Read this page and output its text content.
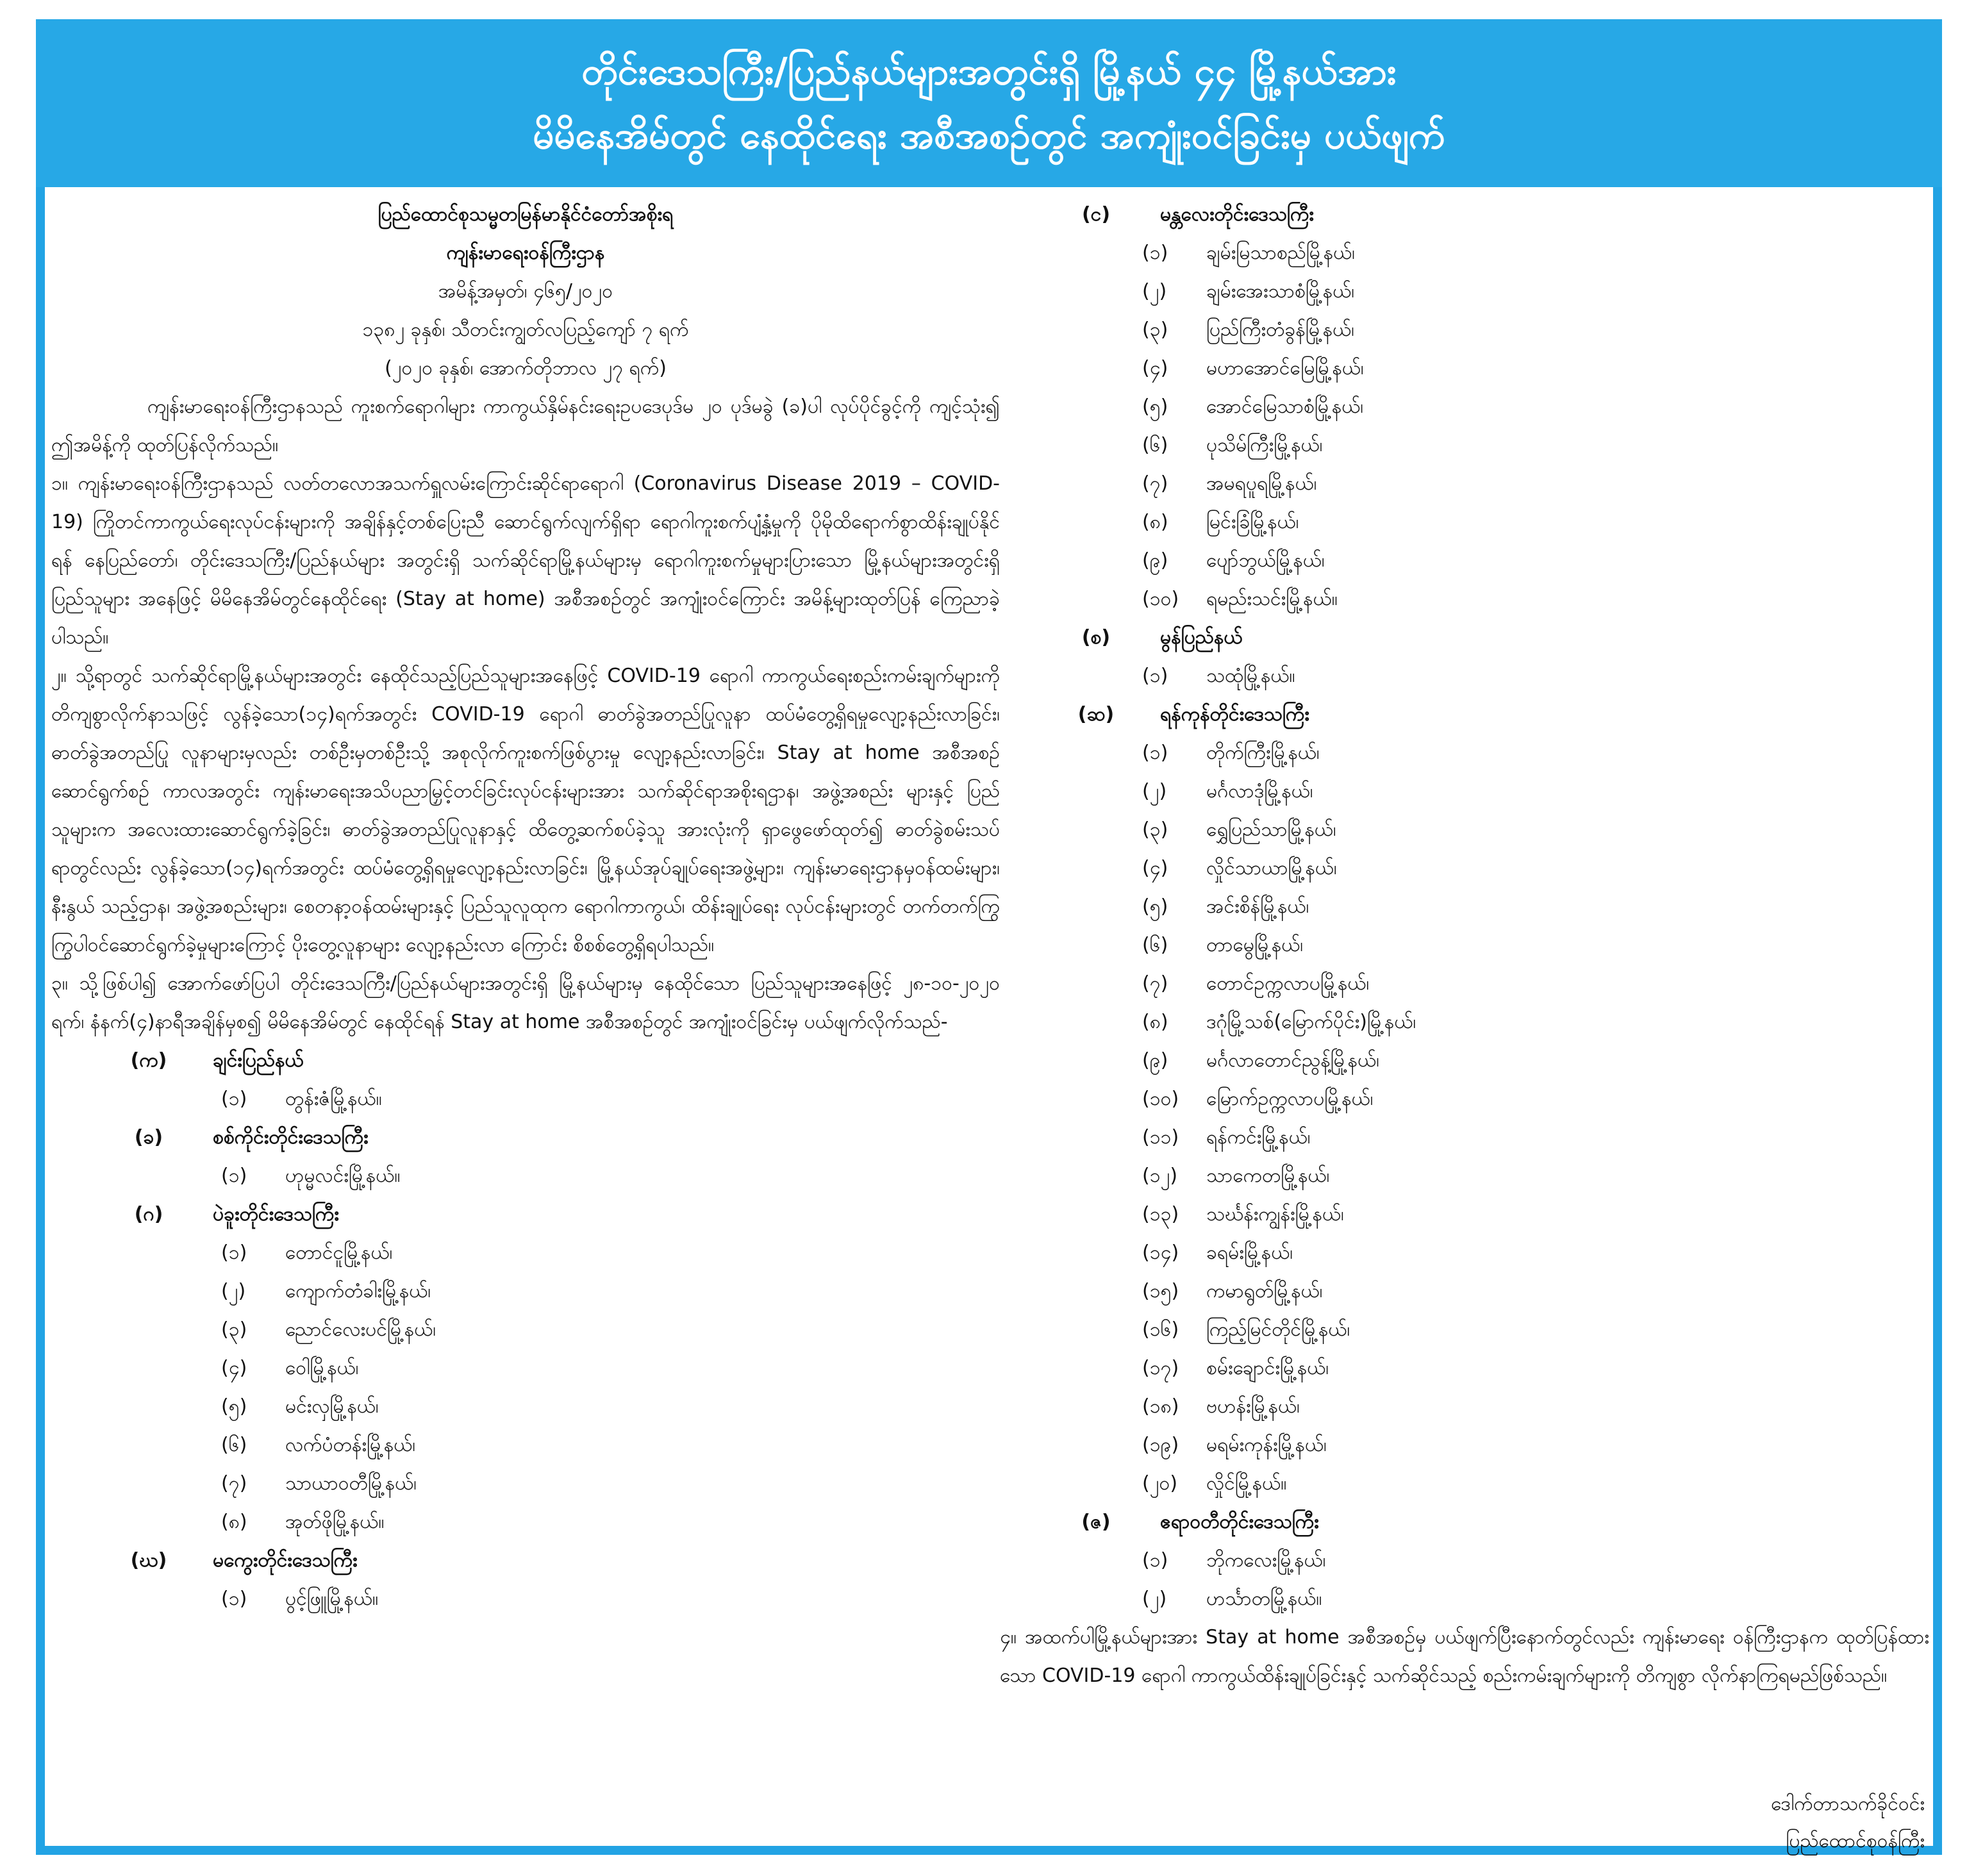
တိုင်းဒေသကြီး/ပြည်နယ်များအတွင်းရှိ မြို့နယ် ၄၄ မြို့နယ်အား
မိမိနေအိမ်တွင် နေထိုင်ရေး အစီအစဉ်တွင် အကျုံးဝင်ခြင်းမှ ပယ်ဖျက်
ပြည်ထောင်စုသမ္မတမြန်မာနိုင်ငံတော်အစိုးရ
ကျန်းမာရေးဝန်ကြီးဌာန
အမိန့်အမှတ်၊ ၄၆၅/၂၀၂၀
၁၃၈၂ ခုနှစ်၊ သီတင်းကျွတ်လပြည့်ကျော် ၇ ရက်
(၂၀၂၀ ခုနှစ်၊ အောက်တိုဘာလ ၂၇ ရက်)

ကျန်းမာရေးဝန်ကြီးဌာနသည် ကူးစက်ရောဂါများ ကာကွယ်နှိမ်နင်းရေးဥပဒေပုဒ်မ ၂၀ ပုဒ်မခွဲ (ခ)ပါ လုပ်ပိုင်ခွင့်ကို ကျင့်သုံး၍ ဤအမိန့်ကို ထုတ်ပြန်လိုက်သည်။

၁။ ကျန်းမာရေးဝန်ကြီးဌာနသည် လတ်တလောအသက်ရှူလမ်းကြောင်းဆိုင်ရာရောဂါ (Coronavirus Disease 2019 – COVID-19) ကြိုတင်ကာကွယ်ရေးလုပ်ငန်းများကို အချိန်နှင့်တစ်ပြေးညီ ဆောင်ရွက်လျက်ရှိရာ ရောဂါကူးစက်ပျံ့နှံ့မှုကို ပိုမိုထိရောက်စွာထိန်းချုပ်နိုင်ရန် နေပြည်တော်၊ တိုင်းဒေသကြီး/ပြည်နယ်များ အတွင်းရှိ သက်ဆိုင်ရာမြို့နယ်များမှ ရောဂါကူးစက်မှုများပြားသော မြို့နယ်များအတွင်းရှိ ပြည်သူများ အနေဖြင့် မိမိနေအိမ်တွင်နေထိုင်ရေး (Stay at home) အစီအစဉ်တွင် အကျုံးဝင်ကြောင်း အမိန့်များထုတ်ပြန် ကြေညာခဲ့ပါသည်။

၂။ သို့ရာတွင် သက်ဆိုင်ရာမြို့နယ်များအတွင်း နေထိုင်သည့်ပြည်သူများအနေဖြင့် COVID-19 ရောဂါ ကာကွယ်ရေးစည်းကမ်းချက်များကို တိကျစွာလိုက်နာသဖြင့် လွန်ခဲ့သော(၁၄)ရက်အတွင်း COVID-19 ရောဂါ ဓာတ်ခွဲအတည်ပြုလူနာ ထပ်မံတွေ့ရှိရမှုလျော့နည်းလာခြင်း၊ ဓာတ်ခွဲအတည်ပြု လူနာများမှလည်း တစ်ဦးမှတစ်ဦးသို့ အစုလိုက်ကူးစက်ဖြစ်ပွားမှု လျော့နည်းလာခြင်း၊ Stay at home အစီအစဉ် ဆောင်ရွက်စဉ် ကာလအတွင်း ကျန်းမာရေးအသိပညာမြှင့်တင်ခြင်းလုပ်ငန်းများအား သက်ဆိုင်ရာအစိုးရဌာန၊ အဖွဲ့အစည်း များနှင့် ပြည်သူများက အလေးထားဆောင်ရွက်ခဲ့ခြင်း၊ ဓာတ်ခွဲအတည်ပြုလူနာနှင့် ထိတွေ့ဆက်စပ်ခဲ့သူ အားလုံးကို ရှာဖွေဖော်ထုတ်၍ ဓာတ်ခွဲစမ်းသပ်ရာတွင်လည်း လွန်ခဲ့သော(၁၄)ရက်အတွင်း ထပ်မံတွေ့ရှိရမှုလျော့နည်းလာခြင်း၊ မြို့နယ်အုပ်ချုပ်ရေးအဖွဲ့များ၊ ကျန်းမာရေးဌာနမှဝန်ထမ်းများ၊ နီးနွယ် သည့်ဌာန၊ အဖွဲ့အစည်းများ၊ စေတနာ့ဝန်ထမ်းများနှင့် ပြည်သူလူထုက ရောဂါကာကွယ်၊ ထိန်းချုပ်ရေး လုပ်ငန်းများတွင် တက်တက်ကြွကြွပါဝင်ဆောင်ရွက်ခဲ့မှုများကြောင့် ပိုးတွေ့လူနာများ လျော့နည်းလာ ကြောင်း စိစစ်တွေ့ရှိရပါသည်။

၃။ သို့ဖြစ်ပါ၍ အောက်ဖော်ပြပါ တိုင်းဒေသကြီး/ပြည်နယ်များအတွင်းရှိ မြို့နယ်များမှ နေထိုင်သော ပြည်သူများအနေဖြင့် ၂၈-၁၀-၂၀၂၀ ရက်၊ နံနက်(၄)နာရီအချိန်မှစ၍ မိမိနေအိမ်တွင် နေထိုင်ရန် Stay at home အစီအစဉ်တွင် အကျုံးဝင်ခြင်းမှ ပယ်ဖျက်လိုက်သည်-

(က)	ချင်းပြည်နယ်
(၁)	တွန်းဇံမြို့နယ်။
(ခ)	စစ်ကိုင်းတိုင်းဒေသကြီး
(၁)	ဟုမ္မလင်းမြို့နယ်။
(ဂ)	ပဲခူးတိုင်းဒေသကြီး
(၁)	တောင်ငူမြို့နယ်၊
(၂)	ကျောက်တံခါးမြို့နယ်၊
(၃)	ညောင်လေးပင်မြို့နယ်၊
(၄)	ဝေါမြို့နယ်၊
(၅)	မင်းလှမြို့နယ်၊
(၆)	လက်ပံတန်းမြို့နယ်၊
(၇)	သာယာဝတီမြို့နယ်၊
(၈)	အုတ်ဖိုမြို့နယ်။
(ဃ)	မကွေးတိုင်းဒေသကြီး
(၁)	ပွင့်ဖြူမြို့နယ်။
(င)	မန္တလေးတိုင်းဒေသကြီး
(၁)	ချမ်းမြသာစည်မြို့နယ်၊
(၂)	ချမ်းအေးသာစံမြို့နယ်၊
(၃)	ပြည်ကြီးတံခွန်မြို့နယ်၊
(၄)	မဟာအောင်မြေမြို့နယ်၊
(၅)	အောင်မြေသာစံမြို့နယ်၊
(၆)	ပုသိမ်ကြီးမြို့နယ်၊
(၇)	အမရပူရမြို့နယ်၊
(၈)	မြင်းခြံမြို့နယ်၊
(၉)	ပျော်ဘွယ်မြို့နယ်၊
(၁၀)	ရမည်းသင်းမြို့နယ်။
(စ)	မွန်ပြည်နယ်
(၁)	သထုံမြို့နယ်။
(ဆ)	ရန်ကုန်တိုင်းဒေသကြီး
(၁)	တိုက်ကြီးမြို့နယ်၊
(၂)	မင်္ဂလာဒုံမြို့နယ်၊
(၃)	ရွှေပြည်သာမြို့နယ်၊
(၄)	လှိုင်သာယာမြို့နယ်၊
(၅)	အင်းစိန်မြို့နယ်၊
(၆)	တာမွေမြို့နယ်၊
(၇)	တောင်ဥက္ကလာပမြို့နယ်၊
(၈)	ဒဂုံမြို့သစ်(မြောက်ပိုင်း)မြို့နယ်၊
(၉)	မင်္ဂလာတောင်ညွန့်မြို့နယ်၊
(၁၀)	မြောက်ဥက္ကလာပမြို့နယ်၊
(၁၁)	ရန်ကင်းမြို့နယ်၊
(၁၂)	သာကေတမြို့နယ်၊
(၁၃)	သင်္ဃန်းကျွန်းမြို့နယ်၊
(၁၄)	ခရမ်းမြို့နယ်၊
(၁၅)	ကမာရွတ်မြို့နယ်၊
(၁၆)	ကြည့်မြင်တိုင်မြို့နယ်၊
(၁၇)	စမ်းချောင်းမြို့နယ်၊
(၁၈)	ဗဟန်းမြို့နယ်၊
(၁၉)	မရမ်းကုန်းမြို့နယ်၊
(၂၀)	လှိုင်မြို့နယ်။
(ဇ)	ဧရာဝတီတိုင်းဒေသကြီး
(၁)	ဘိုကလေးမြို့နယ်၊
(၂)	ဟင်္သာတမြို့နယ်။

၄။ အထက်ပါမြို့နယ်များအား Stay at home အစီအစဉ်မှ ပယ်ဖျက်ပြီးနောက်တွင်လည်း ကျန်းမာရေး ဝန်ကြီးဌာနက ထုတ်ပြန်ထားသော COVID-19 ရောဂါ ကာကွယ်ထိန်းချုပ်ခြင်းနှင့် သက်ဆိုင်သည့် စည်းကမ်းချက်များကို တိကျစွာ လိုက်နာကြရမည်ဖြစ်သည်။

ဒေါက်တာသက်ခိုင်ဝင်း
ပြည်ထောင်စုဝန်ကြီး
